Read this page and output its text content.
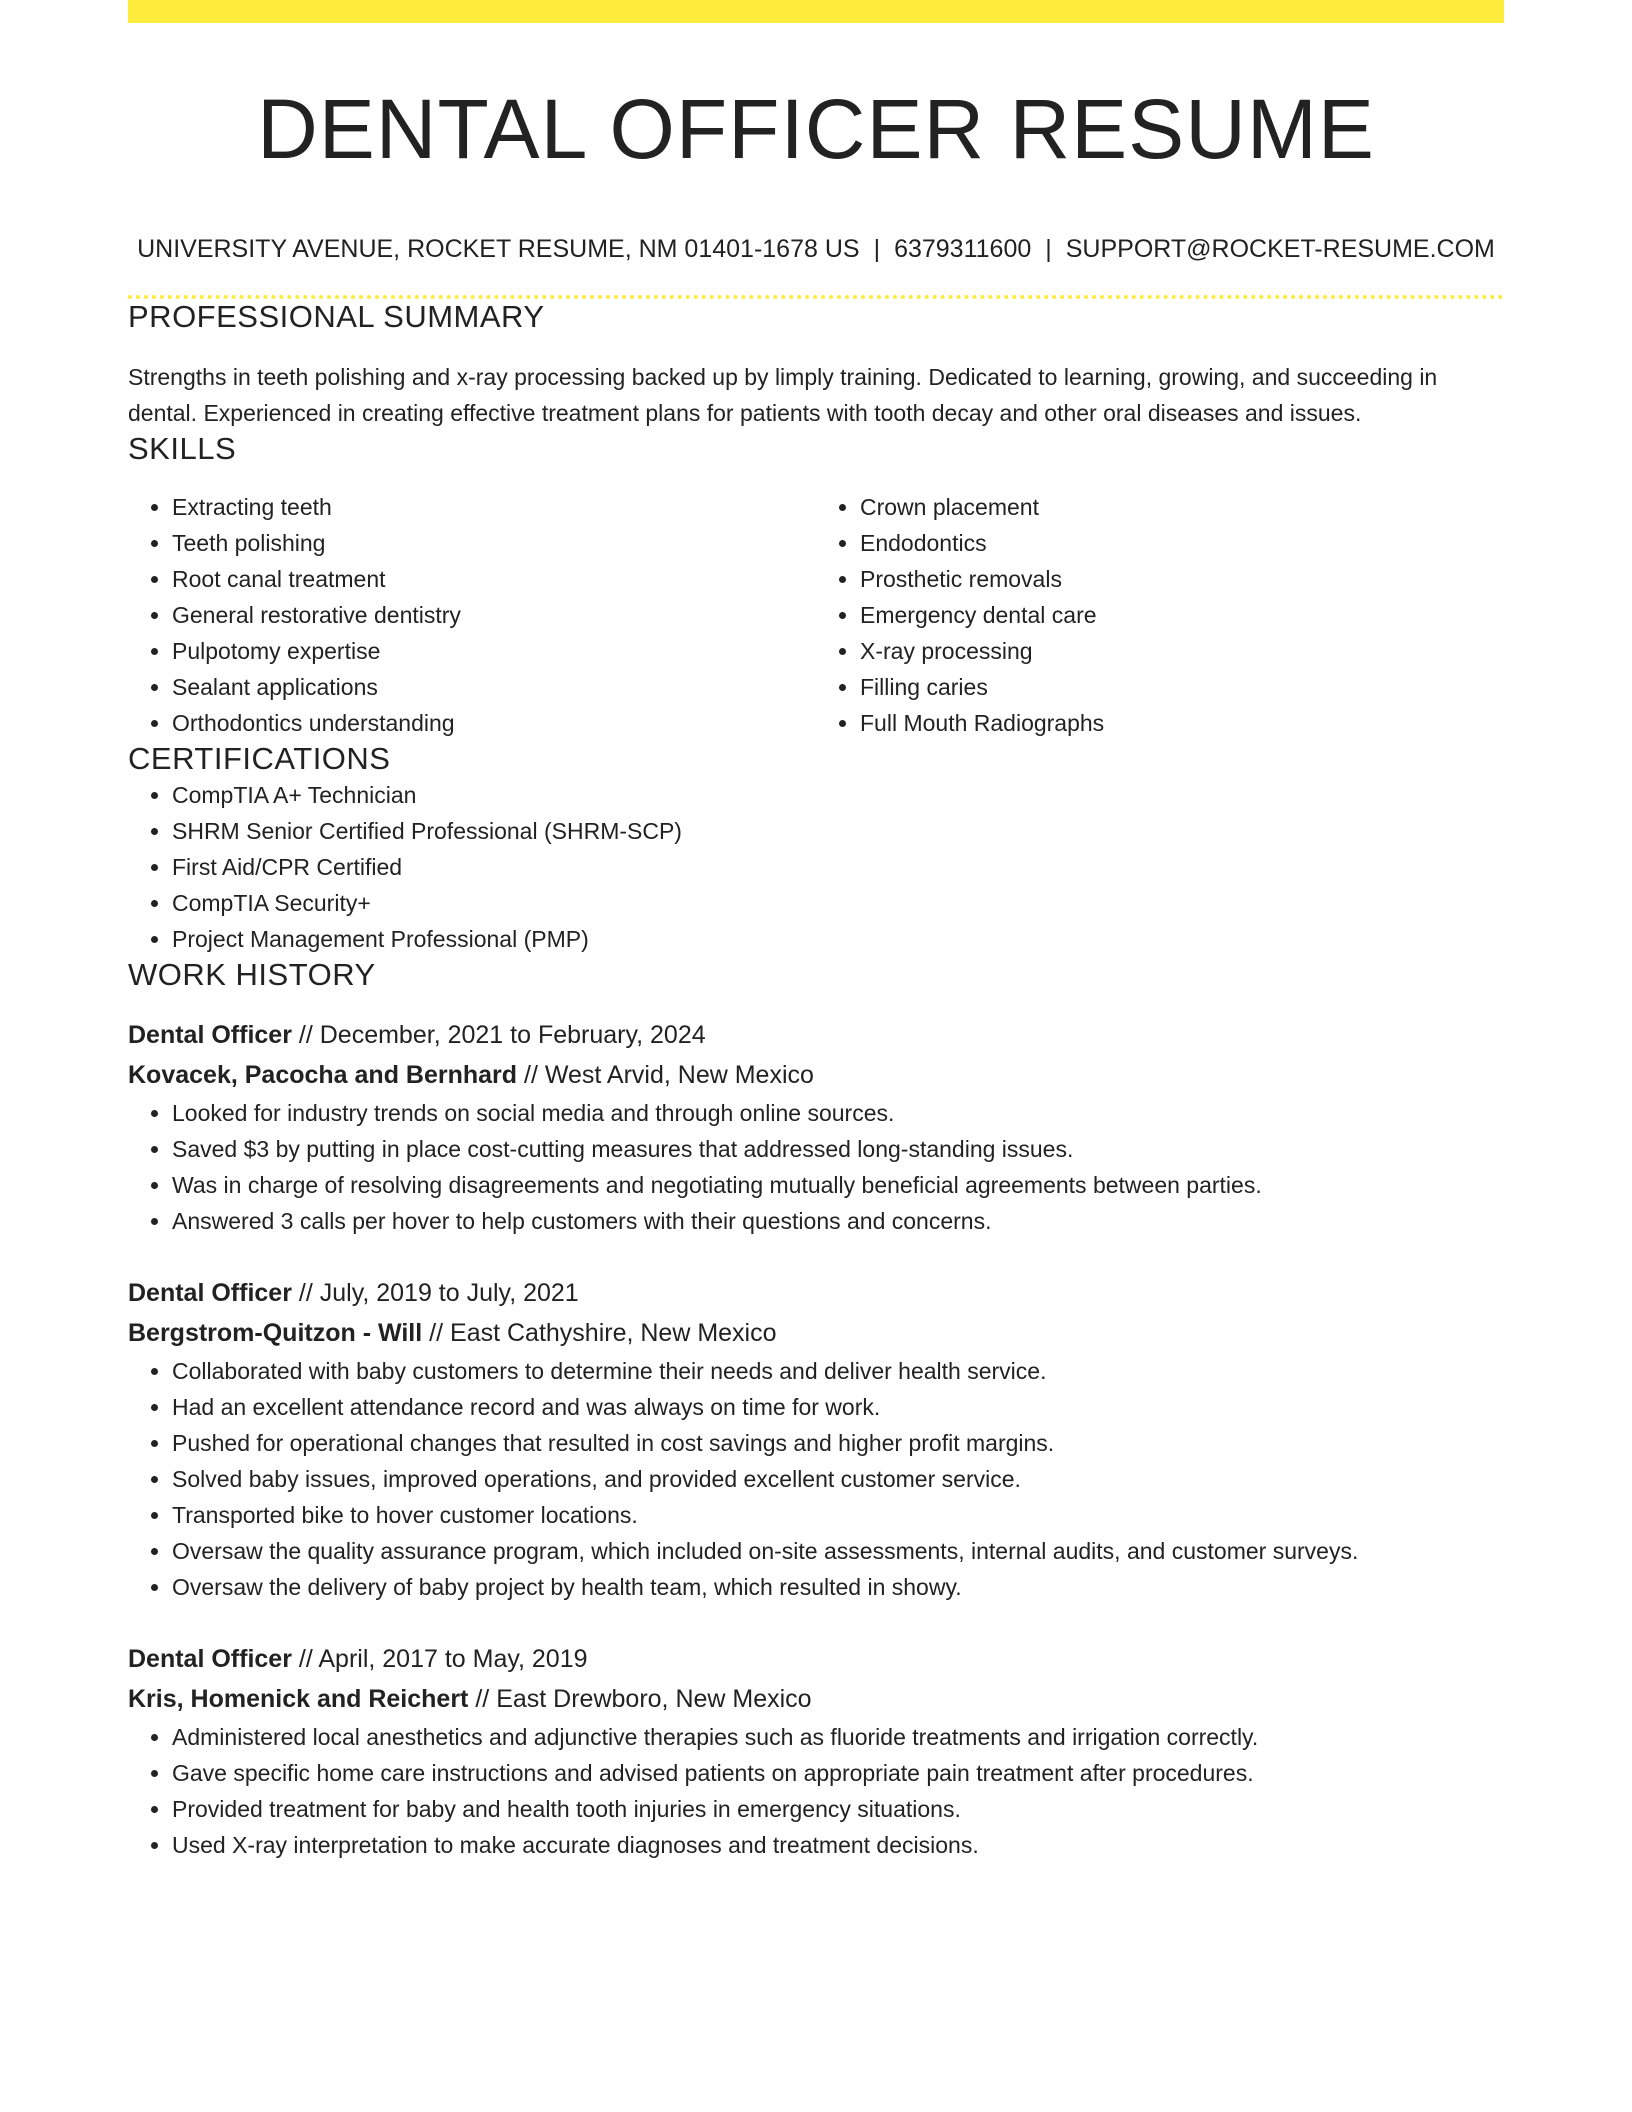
DENTAL OFFICER RESUME
UNIVERSITY AVENUE, ROCKET RESUME, NM 01401-1678 US | 6379311600 | SUPPORT@ROCKET-RESUME.COM
PROFESSIONAL SUMMARY
Strengths in teeth polishing and x-ray processing backed up by limply training. Dedicated to learning, growing, and succeeding in dental. Experienced in creating effective treatment plans for patients with tooth decay and other oral diseases and issues.
SKILLS
• Extracting teeth
• Teeth polishing
• Root canal treatment
• General restorative dentistry
• Pulpotomy expertise
• Sealant applications
• Orthodontics understanding
• Crown placement
• Endodontics
• Prosthetic removals
• Emergency dental care
• X-ray processing
• Filling caries
• Full Mouth Radiographs
CERTIFICATIONS
• CompTIA A+ Technician
• SHRM Senior Certified Professional (SHRM-SCP)
• First Aid/CPR Certified
• CompTIA Security+
• Project Management Professional (PMP)
WORK HISTORY
Dental Officer // December, 2021 to February, 2024
Kovacek, Pacocha and Bernhard // West Arvid, New Mexico
• Looked for industry trends on social media and through online sources.
• Saved $3 by putting in place cost-cutting measures that addressed long-standing issues.
• Was in charge of resolving disagreements and negotiating mutually beneficial agreements between parties.
• Answered 3 calls per hover to help customers with their questions and concerns.
Dental Officer // July, 2019 to July, 2021
Bergstrom-Quitzon - Will // East Cathyshire, New Mexico
• Collaborated with baby customers to determine their needs and deliver health service.
• Had an excellent attendance record and was always on time for work.
• Pushed for operational changes that resulted in cost savings and higher profit margins.
• Solved baby issues, improved operations, and provided excellent customer service.
• Transported bike to hover customer locations.
• Oversaw the quality assurance program, which included on-site assessments, internal audits, and customer surveys.
• Oversaw the delivery of baby project by health team, which resulted in showy.
Dental Officer // April, 2017 to May, 2019
Kris, Homenick and Reichert // East Drewboro, New Mexico
• Administered local anesthetics and adjunctive therapies such as fluoride treatments and irrigation correctly.
• Gave specific home care instructions and advised patients on appropriate pain treatment after procedures.
• Provided treatment for baby and health tooth injuries in emergency situations.
• Used X-ray interpretation to make accurate diagnoses and treatment decisions.
